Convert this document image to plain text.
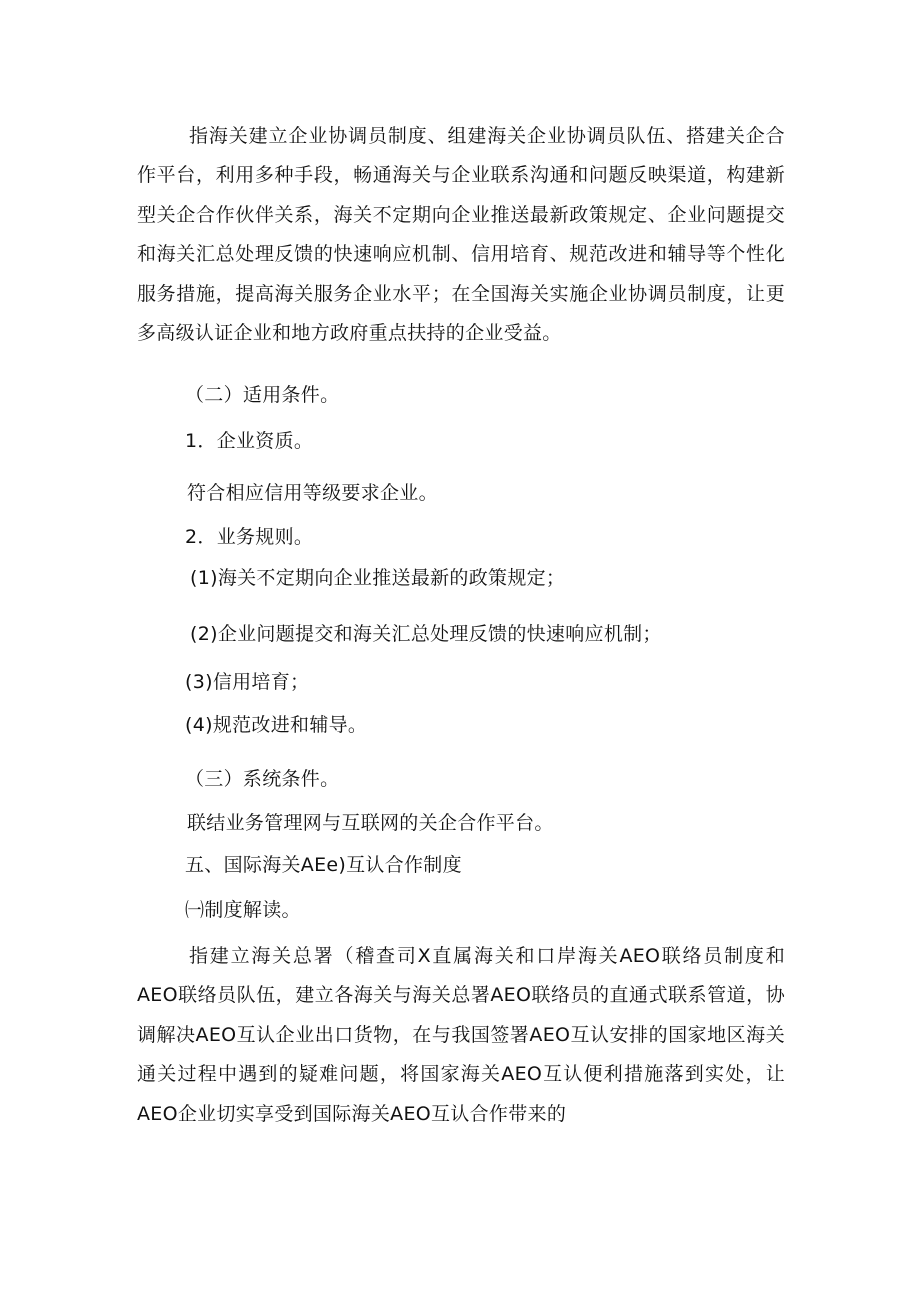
指海关建立企业协调员制度、组建海关企业协调员队伍、搭建关企合作平台，利用多种手段，畅通海关与企业联系沟通和问题反映渠道，构建新型关企合作伙伴关系，海关不定期向企业推送最新政策规定、企业问题提交和海关汇总处理反馈的快速响应机制、信用培育、规范改进和辅导等个性化服务措施，提高海关服务企业水平；在全国海关实施企业协调员制度，让更多高级认证企业和地方政府重点扶持的企业受益。
（二）适用条件。
1．企业资质。
符合相应信用等级要求企业。
2．业务规则。
(1)海关不定期向企业推送最新的政策规定；
(2)企业问题提交和海关汇总处理反馈的快速响应机制；
(3)信用培育；
(4)规范改进和辅导。
（三）系统条件。
联结业务管理网与互联网的关企合作平台。
五、国际海关AEe)互认合作制度
㈠制度解读。
指建立海关总署（稽查司X直属海关和口岸海关AEO联络员制度和AEO联络员队伍，建立各海关与海关总署AEO联络员的直通式联系管道，协调解决AEO互认企业出口货物，在与我国签署AEO互认安排的国家地区海关通关过程中遇到的疑难问题，将国家海关AEO互认便利措施落到实处，让AEO企业切实享受到国际海关AEO互认合作带来的
